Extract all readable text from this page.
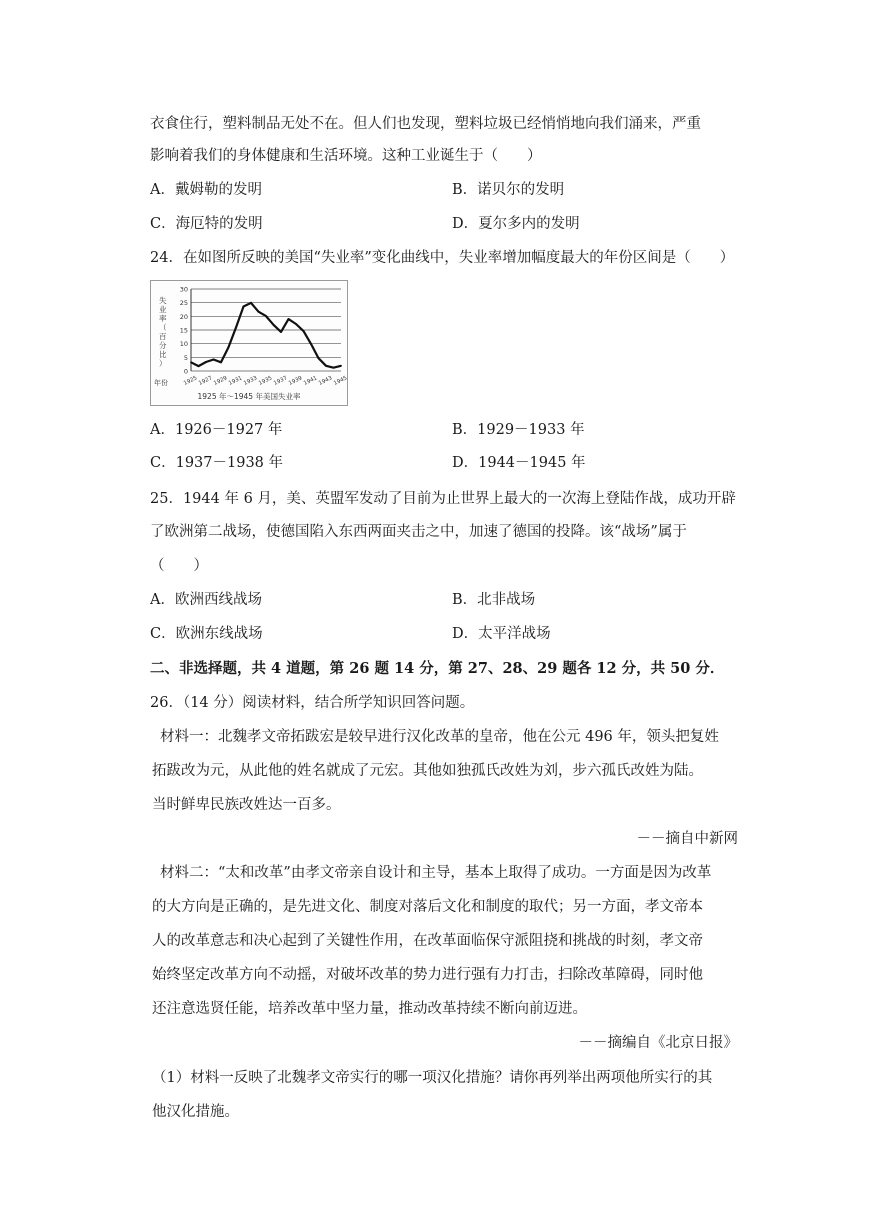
衣食住行，塑料制品无处不在。但人们也发现，塑料垃圾已经悄悄地向我们涌来，严重
影响着我们的身体健康和生活环境。这种工业诞生于（　　）
A．戴姆勒的发明	B．诺贝尔的发明
C．海厄特的发明	D．夏尔多内的发明
24．在如图所反映的美国“失业率”变化曲线中，失业率增加幅度最大的年份区间是（　　）
0
5
10
15
20
25
30
1925 1927 1929 1931 1933 1935 1937 1939 1941 1943 1945
失业率（百分比）
年份
1925 年～1945 年美国失业率
A．1926－1927 年	B．1929－1933 年
C．1937－1938 年	D．1944－1945 年
25．1944 年 6 月，美、英盟军发动了目前为止世界上最大的一次海上登陆作战，成功开辟
了欧洲第二战场，使德国陷入东西两面夹击之中，加速了德国的投降。该“战场”属于
（　　）
A．欧洲西线战场	B．北非战场
C．欧洲东线战场	D．太平洋战场
二、非选择题，共 4 道题，第 26 题 14 分，第 27、28、29 题各 12 分，共 50 分．
26．（14 分）阅读材料，结合所学知识回答问题。
材料一：北魏孝文帝拓跋宏是较早进行汉化改革的皇帝，他在公元 496 年，领头把复姓
拓跋改为元，从此他的姓名就成了元宏。其他如独孤氏改姓为刘，步六孤氏改姓为陆。
当时鲜卑民族改姓达一百多。
－－摘自中新网
材料二：“太和改革”由孝文帝亲自设计和主导，基本上取得了成功。一方面是因为改革
的大方向是正确的，是先进文化、制度对落后文化和制度的取代；另一方面，孝文帝本
人的改革意志和决心起到了关键性作用，在改革面临保守派阻挠和挑战的时刻，孝文帝
始终坚定改革方向不动摇，对破坏改革的势力进行强有力打击，扫除改革障碍，同时他
还注意选贤任能，培养改革中坚力量，推动改革持续不断向前迈进。
－－摘编自《北京日报》
（1）材料一反映了北魏孝文帝实行的哪一项汉化措施？请你再列举出两项他所实行的其
他汉化措施。
